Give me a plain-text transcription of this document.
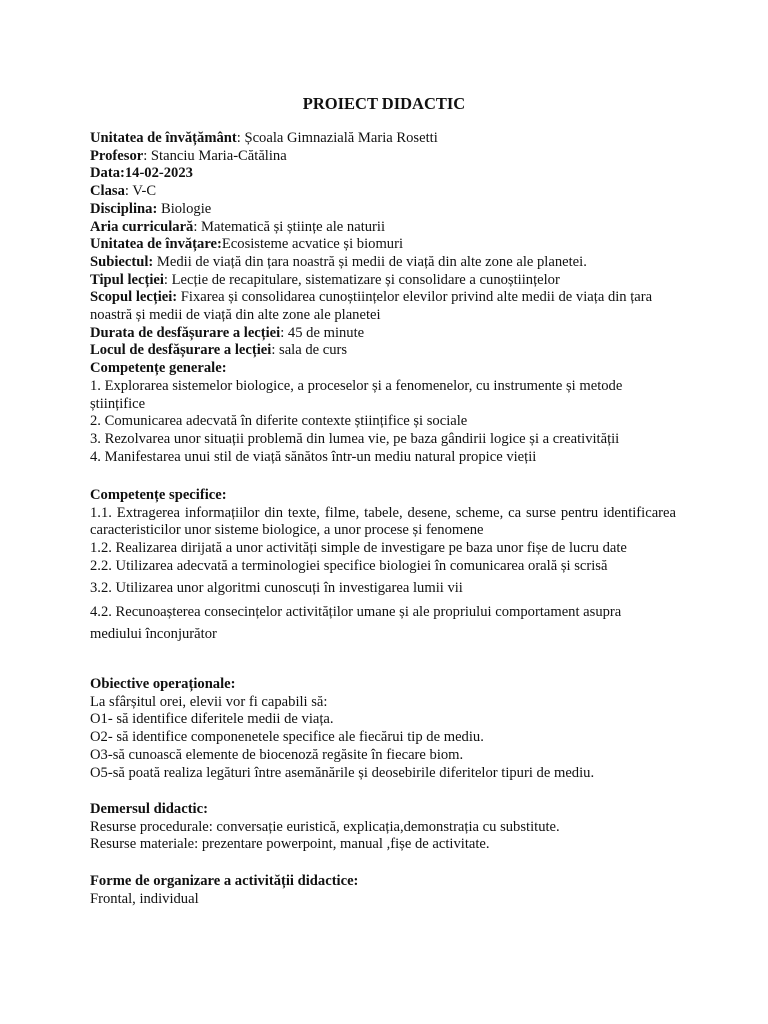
PROIECT DIDACTIC
Unitatea de învățământ: Școala Gimnazială Maria Rosetti
Profesor: Stanciu Maria-Cătălina
Data:14-02-2023
Clasa: V-C
Disciplina: Biologie
Aria curriculară: Matematică și științe ale naturii
Unitatea de învățare:Ecosisteme acvatice și biomuri
Subiectul: Medii de viață din țara noastră și medii de viață din alte zone ale planetei.
Tipul lecției: Lecție de recapitulare, sistematizare și consolidare a cunoștiințelor
Scopul lecției: Fixarea și consolidarea cunoștiințelor elevilor privind alte medii de viața din țara noastră și medii de viață din alte zone ale planetei
Durata de desfășurare a lecției: 45 de minute
Locul de desfășurare a lecției: sala de curs
Competențe generale:
1. Explorarea sistemelor biologice, a proceselor și a fenomenelor, cu instrumente și metode științifice
2. Comunicarea adecvată în diferite contexte științifice și sociale
3. Rezolvarea unor situații problemă din lumea vie, pe baza gândirii logice și a creativității
4. Manifestarea unui stil de viață sănătos într-un mediu natural propice vieții
Competențe specifice:
1.1. Extragerea informațiilor din texte, filme, tabele, desene, scheme, ca surse pentru identificarea caracteristicilor unor sisteme biologice, a unor procese și fenomene
1.2. Realizarea dirijată a unor activități simple de investigare pe baza unor fișe de lucru date
2.2. Utilizarea adecvată a terminologiei specifice biologiei în comunicarea orală și scrisă
3.2. Utilizarea unor algoritmi cunoscuți în investigarea lumii vii
4.2. Recunoașterea consecințelor activităților umane și ale propriului comportament asupra mediului înconjurător
Obiective operaționale:
La sfârșitul orei, elevii vor fi capabili să:
O1- să identifice diferitele medii de viața.
O2- să identifice componenetele specifice ale fiecărui tip de mediu.
O3-să cunoască elemente de biocenoză regăsite în fiecare biom.
O5-să poată realiza legături între asemănările și deosebirile diferitelor tipuri de mediu.
Demersul didactic:
Resurse procedurale: conversație euristică, explicația,demonstrația cu substitute.
Resurse materiale: prezentare powerpoint, manual ,fișe de activitate.
Forme de organizare a activității didactice:
Frontal, individual
